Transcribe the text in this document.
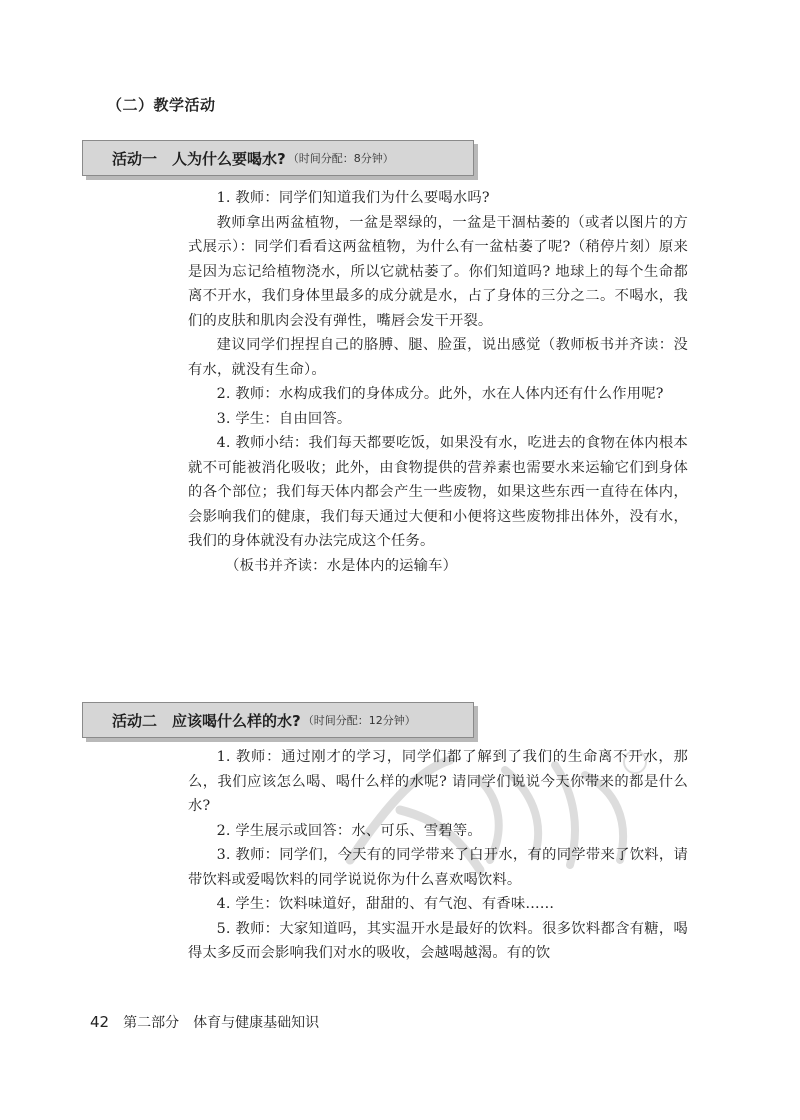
（二）教学活动
活动一　人为什么要喝水? （时间分配：8分钟）

1. 教师：同学们知道我们为什么要喝水吗?

教师拿出两盆植物，一盆是翠绿的，一盆是干涸枯萎的（或者以图片的方式展示）：同学们看看这两盆植物，为什么有一盆枯萎了呢?（稍停片刻）原来是因为忘记给植物浇水，所以它就枯萎了。你们知道吗? 地球上的每个生命都离不开水，我们身体里最多的成分就是水，占了身体的三分之二。不喝水，我们的皮肤和肌肉会没有弹性，嘴唇会发干开裂。

建议同学们捏捏自己的胳膊、腿、脸蛋，说出感觉（教师板书并齐读：没有水，就没有生命）。

2. 教师：水构成我们的身体成分。此外，水在人体内还有什么作用呢?

3. 学生：自由回答。

4. 教师小结：我们每天都要吃饭，如果没有水，吃进去的食物在体内根本就不可能被消化吸收；此外，由食物提供的营养素也需要水来运输它们到身体的各个部位；我们每天体内都会产生一些废物，如果这些东西一直待在体内，会影响我们的健康，我们每天通过大便和小便将这些废物排出体外，没有水，我们的身体就没有办法完成这个任务。

（板书并齐读：水是体内的运输车）

活动二　应该喝什么样的水? （时间分配：12分钟）

1. 教师：通过刚才的学习，同学们都了解到了我们的生命离不开水，那么，我们应该怎么喝、喝什么样的水呢? 请同学们说说今天你带来的都是什么水?

2. 学生展示或回答：水、可乐、雪碧等。

3. 教师：同学们，今天有的同学带来了白开水，有的同学带来了饮料，请带饮料或爱喝饮料的同学说说你为什么喜欢喝饮料。

4. 学生：饮料味道好，甜甜的、有气泡、有香味……

5. 教师：大家知道吗，其实温开水是最好的饮料。很多饮料都含有糖，喝得太多反而会影响我们对水的吸收，会越喝越渴。有的饮

42 第二部分　体育与健康基础知识
